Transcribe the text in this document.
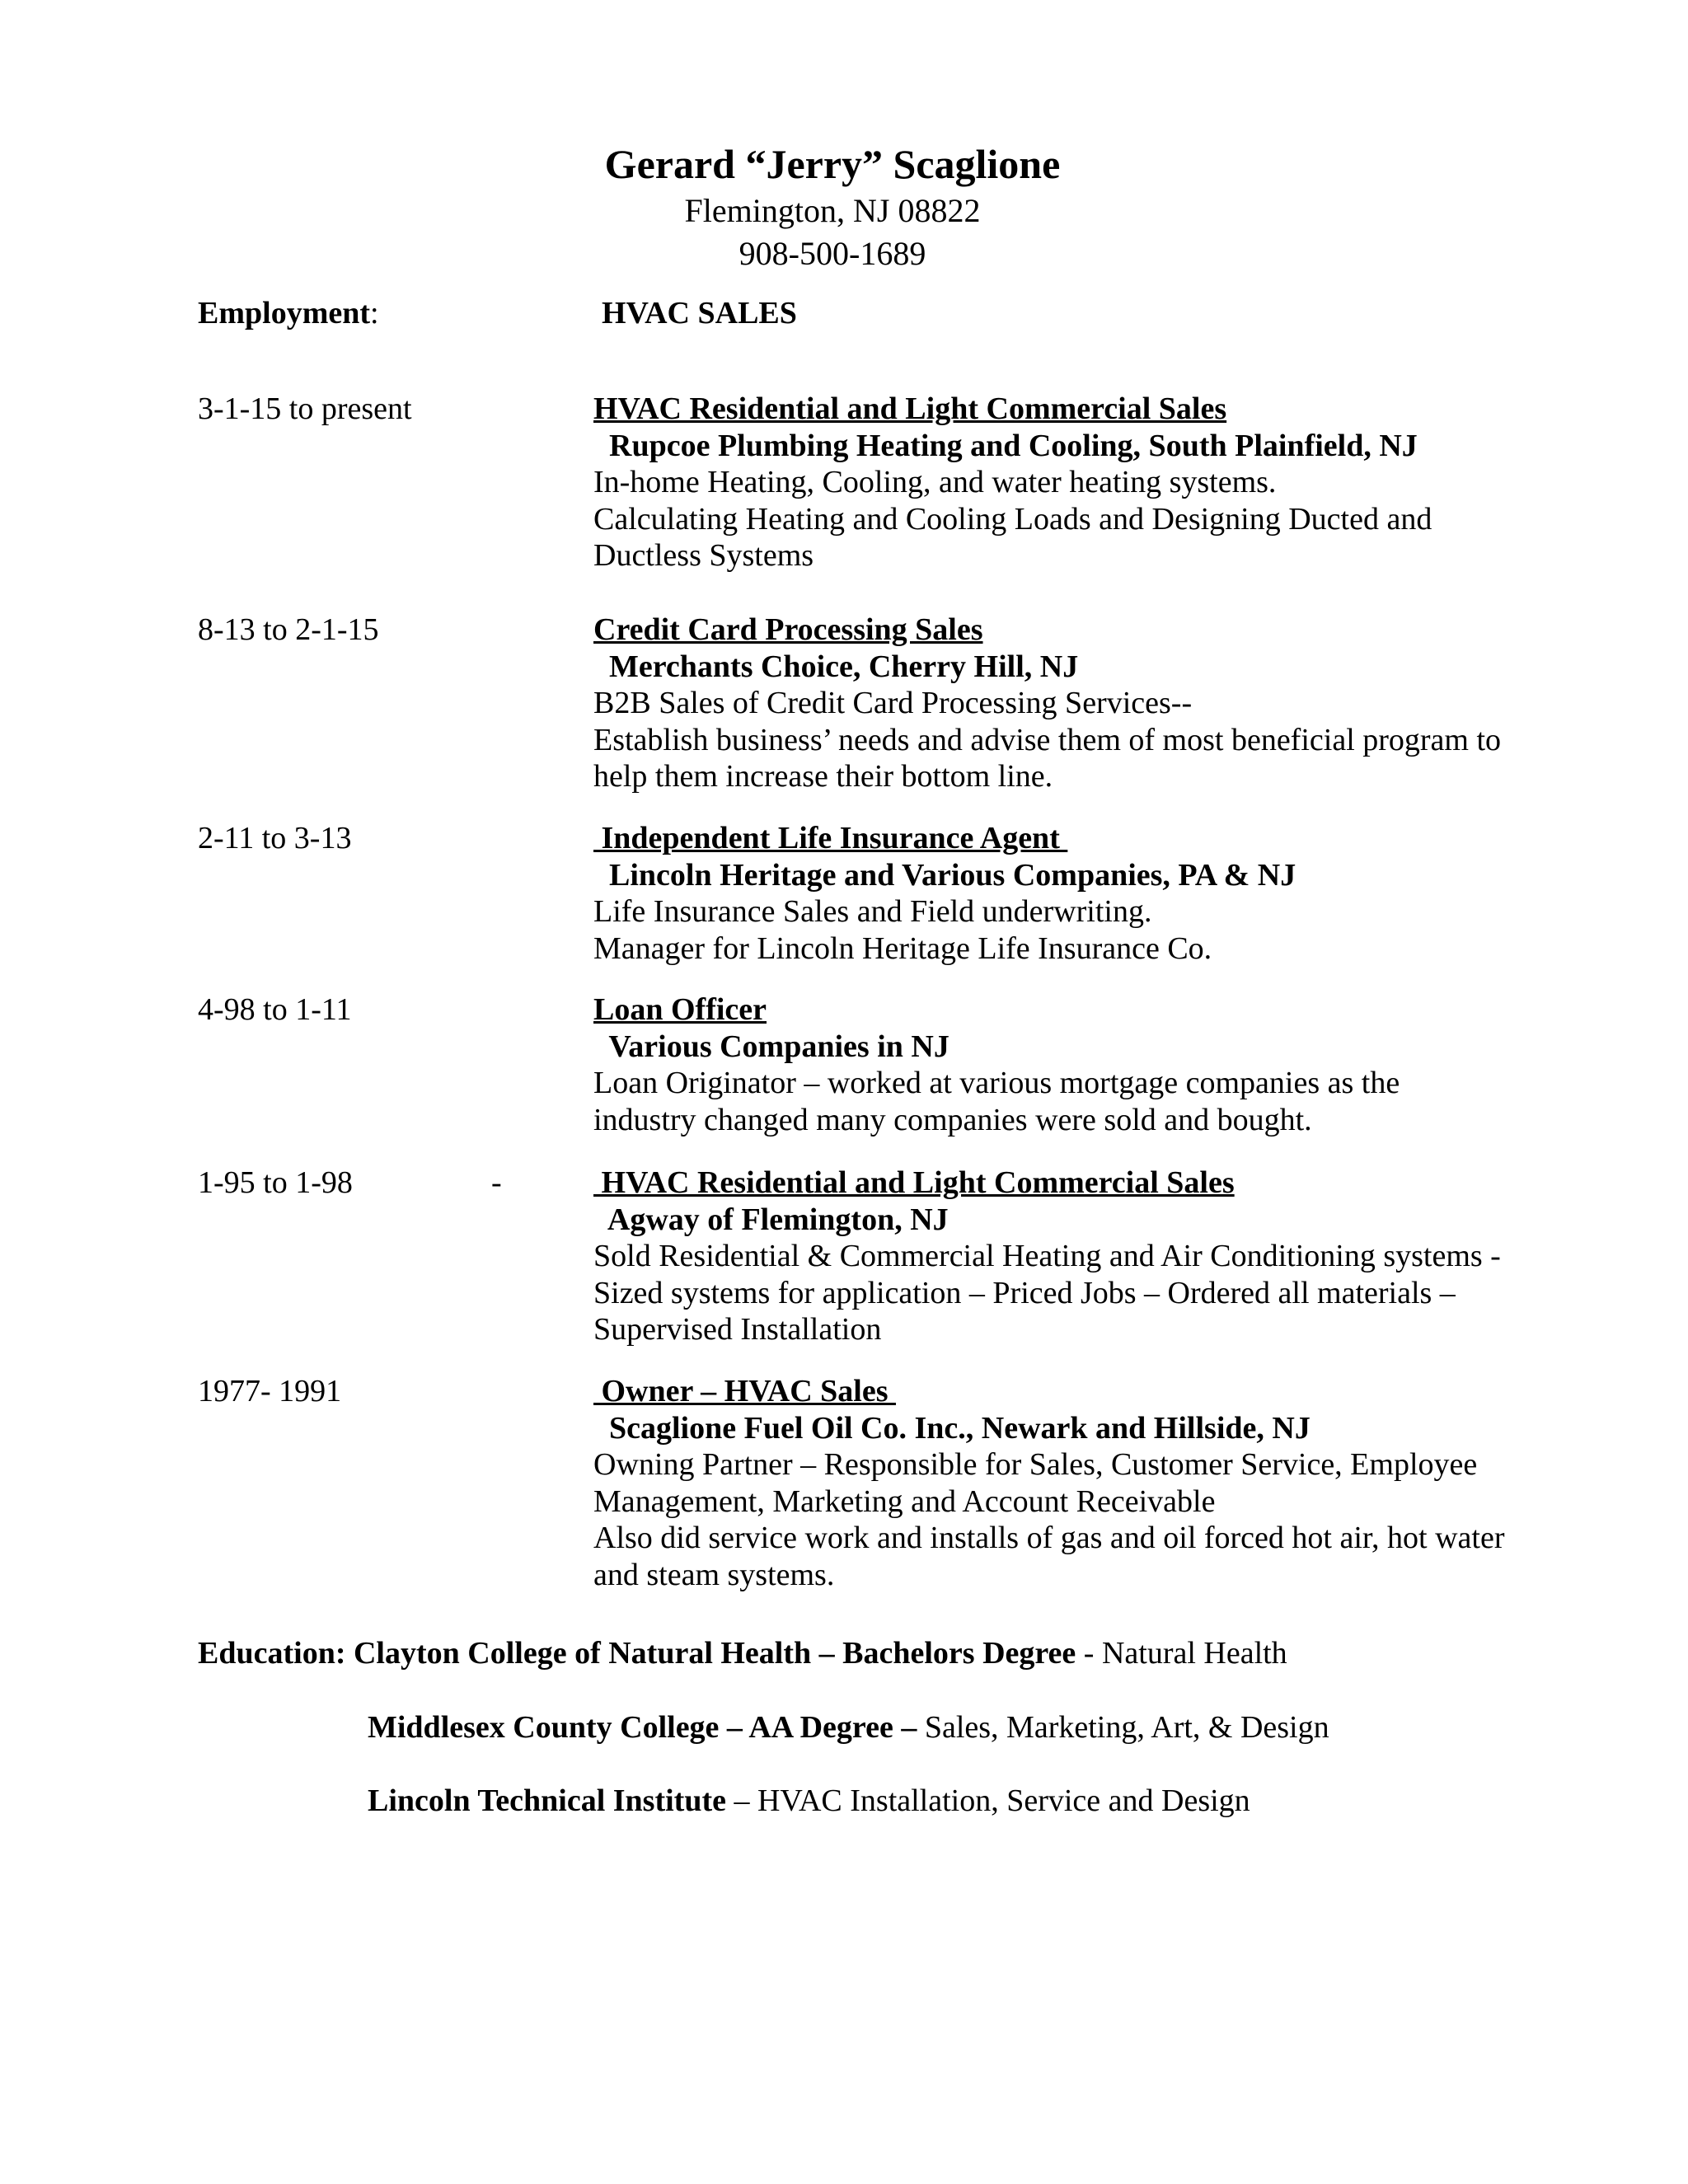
Gerard “Jerry” Scaglione
Flemington, NJ 08822
908-500-1689
Employment:	HVAC SALES
3-1-15 to present	HVAC Residential and Light Commercial Sales
Rupcoe Plumbing Heating and Cooling, South Plainfield, NJ
In-home Heating, Cooling, and water heating systems.
Calculating Heating and Cooling Loads and Designing Ducted and Ductless Systems
8-13 to 2-1-15	Credit Card Processing Sales
Merchants Choice, Cherry Hill, NJ
B2B Sales of Credit Card Processing Services--
Establish business’ needs and advise them of most beneficial program to help them increase their bottom line.
2-11 to 3-13	Independent Life Insurance Agent
Lincoln Heritage and Various Companies, PA & NJ
Life Insurance Sales and Field underwriting.
Manager for Lincoln Heritage Life Insurance Co.
4-98 to 1-11	Loan Officer
Various Companies in NJ
Loan Originator – worked at various mortgage companies as the industry changed many companies were sold and bought.
1-95 to 1-98	-	HVAC Residential and Light Commercial Sales
Agway of Flemington, NJ
Sold Residential & Commercial Heating and Air Conditioning systems - Sized systems for application – Priced Jobs – Ordered all materials – Supervised Installation
1977- 1991	Owner – HVAC Sales
Scaglione Fuel Oil Co. Inc., Newark and Hillside, NJ
Owning Partner – Responsible for Sales, Customer Service, Employee Management, Marketing and Account Receivable
Also did service work and installs of gas and oil forced hot air, hot water and steam systems.
Education: Clayton College of Natural Health – Bachelors Degree - Natural Health
Middlesex County College – AA Degree – Sales, Marketing, Art, & Design
Lincoln Technical Institute – HVAC Installation, Service and Design
